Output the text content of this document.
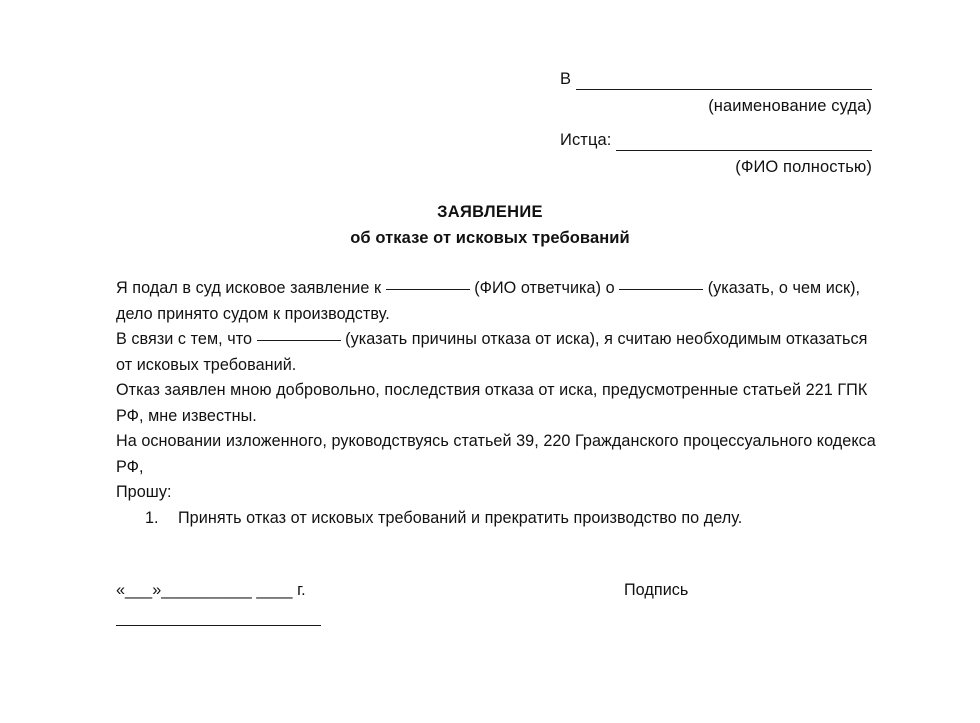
В
(наименование суда)
Истца:
(ФИО полностью)
ЗАЯВЛЕНИЕ
об отказе от исковых требований

Я подал в суд исковое заявление к	(ФИО ответчика) о	(указать, о чем иск), дело принято судом к производству.

В связи с тем, что	(указать причины отказа от иска), я считаю необходимым отказаться от исковых требований.

Отказ заявлен мною добровольно, последствия отказа от иска, предусмотренные статьей 221 ГПК РФ, мне известны.

На основании изложенного, руководствуясь статьей 39, 220 Гражданского процессуального кодекса РФ,

Прошу:

1.	Принять отказ от исковых требований и прекратить производство по делу.
«___»__________ ____ г.	Подпись
